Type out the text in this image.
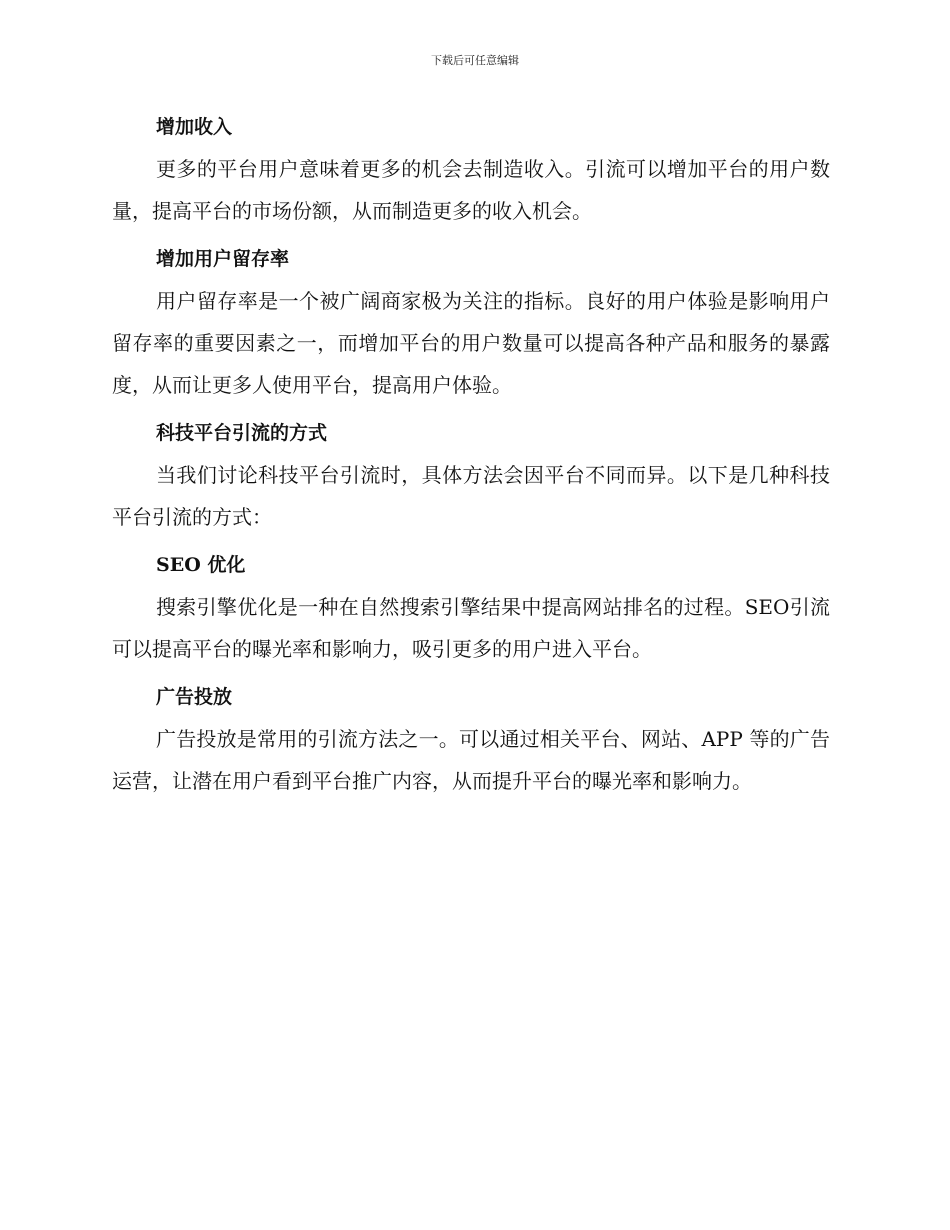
下载后可任意编辑
增加收入

更多的平台用户意味着更多的机会去制造收入。引流可以增加平台的用户数量，提高平台的市场份额，从而制造更多的收入机会。

增加用户留存率

用户留存率是一个被广阔商家极为关注的指标。良好的用户体验是影响用户留存率的重要因素之一，而增加平台的用户数量可以提高各种产品和服务的暴露度，从而让更多人使用平台，提高用户体验。

科技平台引流的方式

当我们讨论科技平台引流时，具体方法会因平台不同而异。以下是几种科技平台引流的方式：

SEO 优化

搜索引擎优化是一种在自然搜索引擎结果中提高网站排名的过程。SEO引流可以提高平台的曝光率和影响力，吸引更多的用户进入平台。

广告投放

广告投放是常用的引流方法之一。可以通过相关平台、网站、APP 等的广告运营，让潜在用户看到平台推广内容，从而提升平台的曝光率和影响力。
